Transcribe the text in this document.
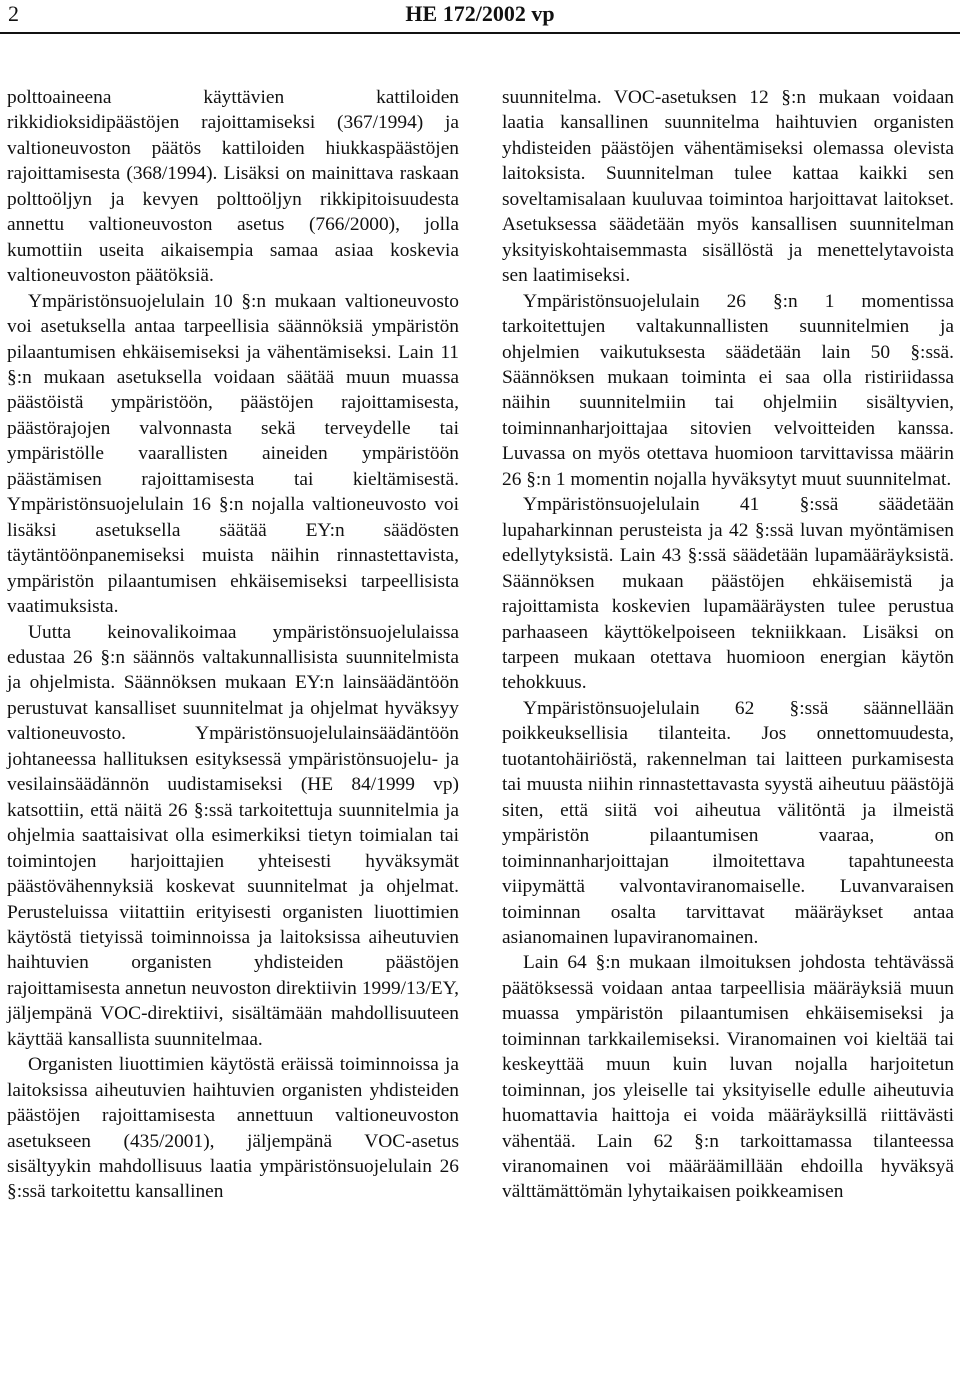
2	HE 172/2002 vp

polttoaineena käyttävien kattiloiden rikkidioksidipäästöjen rajoittamiseksi (367/1994) ja valtioneuvoston päätös kattiloiden hiukkaspäästöjen rajoittamisesta (368/1994). Lisäksi on mainittava raskaan polttoöljyn ja kevyen polttoöljyn rikkipitoisuudesta annettu valtioneuvoston asetus (766/2000), jolla kumottiin useita aikaisempia samaa asiaa koskevia valtioneuvoston päätöksiä.

Ympäristönsuojelulain 10 §:n mukaan valtioneuvosto voi asetuksella antaa tarpeellisia säännöksiä ympäristön pilaantumisen ehkäisemiseksi ja vähentämiseksi. Lain 11 §:n mukaan asetuksella voidaan säätää muun muassa päästöistä ympäristöön, päästöjen rajoittamisesta, päästörajojen valvonnasta sekä terveydelle tai ympäristölle vaarallisten aineiden ympäristöön päästämisen rajoittamisesta tai kieltämisestä. Ympäristönsuojelulain 16 §:n nojalla valtioneuvosto voi lisäksi asetuksella säätää EY:n säädösten täytäntöönpanemiseksi muista näihin rinnastettavista, ympäristön pilaantumisen ehkäisemiseksi tarpeellisista vaatimuksista.

Uutta keinovalikoimaa ympäristönsuojelulaissa edustaa 26 §:n säännös valtakunnallisista suunnitelmista ja ohjelmista. Säännöksen mukaan EY:n lainsäädäntöön perustuvat kansalliset suunnitelmat ja ohjelmat hyväksyy valtioneuvosto. Ympäristönsuojelulainsäädäntöön johtaneessa hallituksen esityksessä ympäristönsuojelu- ja vesilainsäädännön uudistamiseksi (HE 84/1999 vp) katsottiin, että näitä 26 §:ssä tarkoitettuja suunnitelmia ja ohjelmia saattaisivat olla esimerkiksi tietyn toimialan tai toimintojen harjoittajien yhteisesti hyväksymät päästövähennyksiä koskevat suunnitelmat ja ohjelmat. Perusteluissa viitattiin erityisesti organisten liuottimien käytöstä tietyissä toiminnoissa ja laitoksissa aiheutuvien haihtuvien organisten yhdisteiden päästöjen rajoittamisesta annetun neuvoston direktiivin 1999/13/EY, jäljempänä VOC-direktiivi, sisältämään mahdollisuuteen käyttää kansallista suunnitelmaa.

Organisten liuottimien käytöstä eräissä toiminnoissa ja laitoksissa aiheutuvien haihtuvien organisten yhdisteiden päästöjen rajoittamisesta annettuun valtioneuvoston asetukseen (435/2001), jäljempänä VOC-asetus sisältyykin mahdollisuus laatia ympäristönsuojelulain 26 §:ssä tarkoitettu kansallinen

suunnitelma. VOC-asetuksen 12 §:n mukaan voidaan laatia kansallinen suunnitelma haihtuvien organisten yhdisteiden päästöjen vähentämiseksi olemassa olevista laitoksista. Suunnitelman tulee kattaa kaikki sen soveltamisalaan kuuluvaa toimintoa harjoittavat laitokset. Asetuksessa säädetään myös kansallisen suunnitelman yksityiskohtaisemmasta sisällöstä ja menettelytavoista sen laatimiseksi.

Ympäristönsuojelulain 26 §:n 1 momentissa tarkoitettujen valtakunnallisten suunnitelmien ja ohjelmien vaikutuksesta säädetään lain 50 §:ssä. Säännöksen mukaan toiminta ei saa olla ristiriidassa näihin suunnitelmiin tai ohjelmiin sisältyvien, toiminnanharjoittajaa sitovien velvoitteiden kanssa. Luvassa on myös otettava huomioon tarvittavissa määrin 26 §:n 1 momentin nojalla hyväksytyt muut suunnitelmat.

Ympäristönsuojelulain 41 §:ssä säädetään lupaharkinnan perusteista ja 42 §:ssä luvan myöntämisen edellytyksistä. Lain 43 §:ssä säädetään lupamääräyksistä. Säännöksen mukaan päästöjen ehkäisemistä ja rajoittamista koskevien lupamääräysten tulee perustua parhaaseen käyttökelpoiseen tekniikkaan. Lisäksi on tarpeen mukaan otettava huomioon energian käytön tehokkuus.

Ympäristönsuojelulain 62 §:ssä säännellään poikkeuksellisia tilanteita. Jos onnettomuudesta, tuotantohäiriöstä, rakennelman tai laitteen purkamisesta tai muusta niihin rinnastettavasta syystä aiheutuu päästöjä siten, että siitä voi aiheutua välitöntä ja ilmeistä ympäristön pilaantumisen vaaraa, on toiminnanharjoittajan ilmoitettava tapahtuneesta viipymättä valvontaviranomaiselle. Luvanvaraisen toiminnan osalta tarvittavat määräykset antaa asianomainen lupaviranomainen.

Lain 64 §:n mukaan ilmoituksen johdosta tehtävässä päätöksessä voidaan antaa tarpeellisia määräyksiä muun muassa ympäristön pilaantumisen ehkäisemiseksi ja toiminnan tarkkailemiseksi. Viranomainen voi kieltää tai keskeyttää muun kuin luvan nojalla harjoitetun toiminnan, jos yleiselle tai yksityiselle edulle aiheutuvia huomattavia haittoja ei voida määräyksillä riittävästi vähentää. Lain 62 §:n tarkoittamassa tilanteessa viranomainen voi määräämillään ehdoilla hyväksyä välttämättömän lyhytaikaisen poikkeamisen
